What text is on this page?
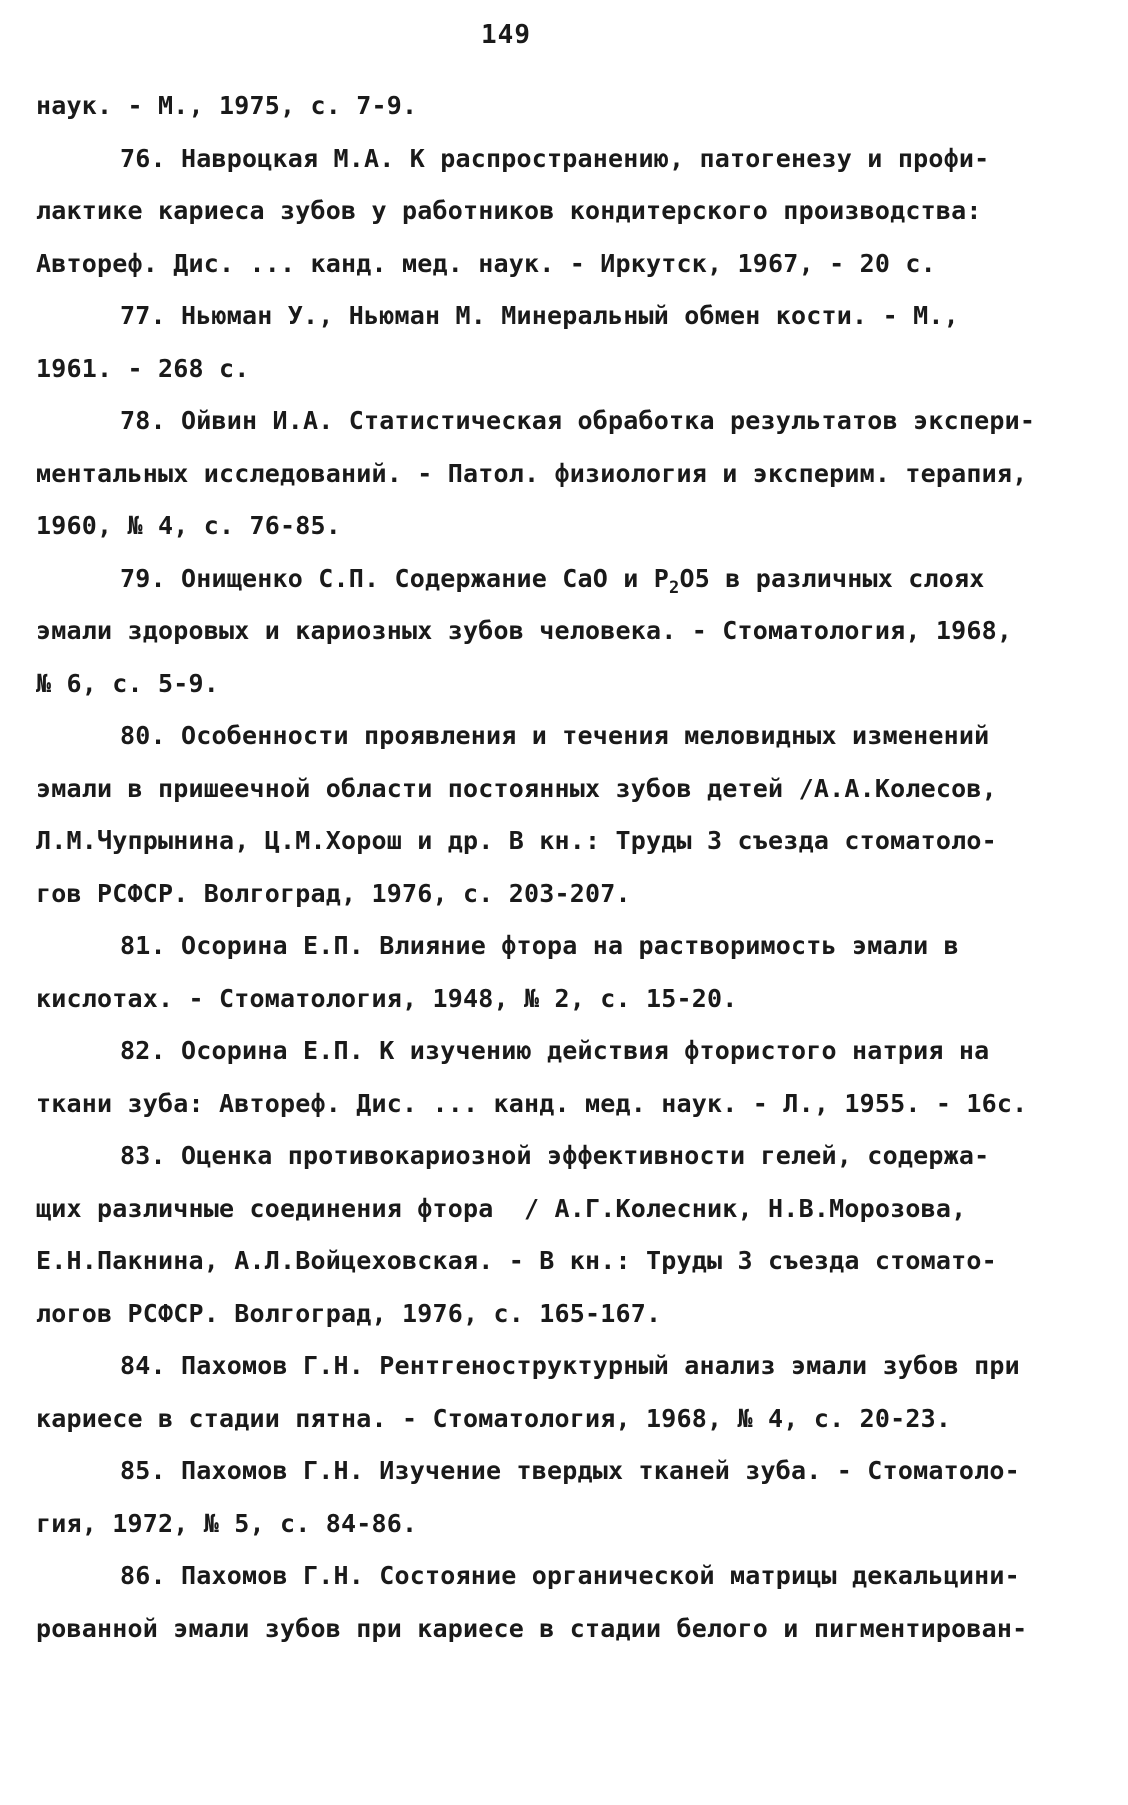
149
наук. - М., 1975, с. 7-9.
76. Навроцкая М.А. К распространению, патогенезу и профи-
лактике кариеса зубов у работников кондитерского производства:
Автореф. Дис. ... канд. мед. наук. - Иркутск, 1967, - 20 с.
77. Ньюман У., Ньюман М. Минеральный обмен кости. - М.,
1961. - 268 с.
78. Ойвин И.А. Статистическая обработка результатов экспери-
ментальных исследований. - Патол. физиология и эксперим. терапия,
1960, № 4, с. 76-85.
79. Онищенко С.П. Содержание CaO и $P_2O5$ в различных слоях
эмали здоровых и кариозных зубов человека. - Стоматология, 1968,
№ 6, с. 5-9.
80. Особенности проявления и течения меловидных изменений
эмали в пришеечной области постоянных зубов детей /А.А.Колесов,
Л.М.Чупрынина, Ц.М.Хорош и др. В кн.: Труды 3 съезда стоматоло-
гов РСФСР. Волгоград, 1976, с. 203-207.
81. Осорина Е.П. Влияние фтора на растворимость эмали в
кислотах. - Стоматология, 1948, № 2, с. 15-20.
82. Осорина Е.П. К изучению действия фтористого натрия на
ткани зуба: Автореф. Дис. ... канд. мед. наук. - Л., 1955. - 16с.
83. Оценка противокариозной эффективности гелей, содержа-
щих различные соединения фтора  / А.Г.Колесник, Н.В.Морозова,
Е.Н.Пакнина, А.Л.Войцеховская. - В кн.: Труды 3 съезда стомато-
логов РСФСР. Волгоград, 1976, с. 165-167.
84. Пахомов Г.Н. Рентгеноструктурный анализ эмали зубов при
кариесе в стадии пятна. - Стоматология, 1968, № 4, с. 20-23.
85. Пахомов Г.Н. Изучение твердых тканей зуба. - Стоматоло-
гия, 1972, № 5, с. 84-86.
86. Пахомов Г.Н. Состояние органической матрицы декальцини-
рованной эмали зубов при кариесе в стадии белого и пигментирован-
